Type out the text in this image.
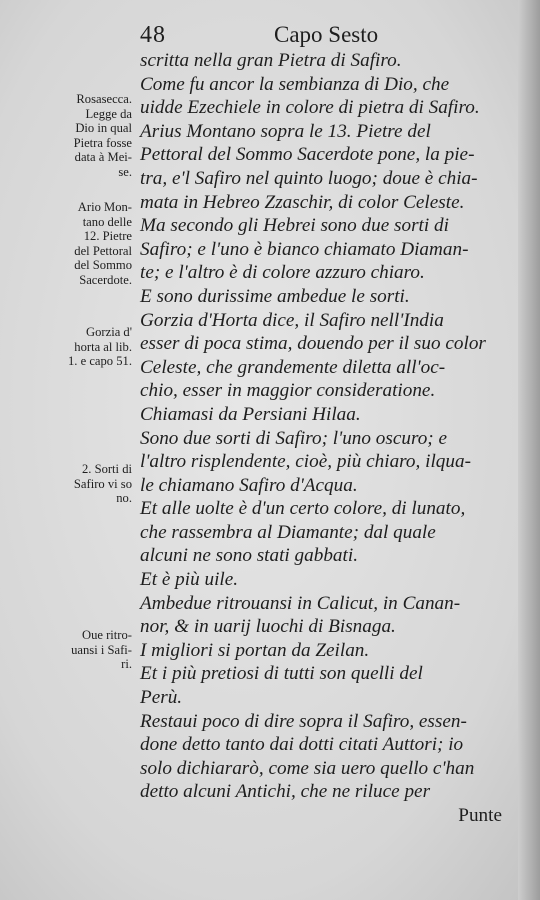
48	Capo Sesto
scritta nella gran Pietra di Safiro.
Come fu ancor la sembianza di Dio, che
uidde Ezechiele in colore di pietra di Safiro.
Arius Montano sopra le 13. Pietre del
Pettoral del Sommo Sacerdote pone, la pie-
tra, e'l Safiro nel quinto luogo; doue è chia-
mata in Hebreo Zzaschir, di color Celeste.
Ma secondo gli Hebrei sono due sorti di
Safiro; e l'uno è bianco chiamato Diaman-
te; e l'altro è di colore azzuro chiaro.
E sono durissime ambedue le sorti.
Gorzia d'Horta dice, il Safiro nell'India
esser di poca stima, douendo per il suo color
Celeste, che grandemente diletta all'oc-
chio, esser in maggior consideratione.
Chiamasi da Persiani Hilaa.
Sono due sorti di Safiro; l'uno oscuro; e
l'altro risplendente, cioè, più chiaro, ilqua-
le chiamano Safiro d'Acqua.
Et alle uolte è d'un certo colore, di lunato,
che rassembra al Diamante; dal quale
alcuni ne sono stati gabbati.
Et è più uile.
Ambedue ritrouansi in Calicut, in Canan-
nor, & in uarij luochi di Bisnaga.
I migliori si portan da Zeilan.
Et i più pretiosi di tutti son quelli del
Perù.
Restaui poco di dire sopra il Safiro, essen-
done detto tanto dai dotti citati Auttori; io
solo dichiararò, come sia uero quello c'han
detto alcuni Antichi, che ne riluce per
Punte
Rosasecca.
Legge da
Dio in qual
Pietra fosse
data à Mei-
se.
Ario Mon-
tano delle
12. Pietre
del Pettoral
del Sommo
Sacerdote.
Gorzia d'
horta al lib.
1. e capo 51.
2. Sorti di
Safiro vi so
no.
Oue ritro-
uansi i Safi-
ri.
